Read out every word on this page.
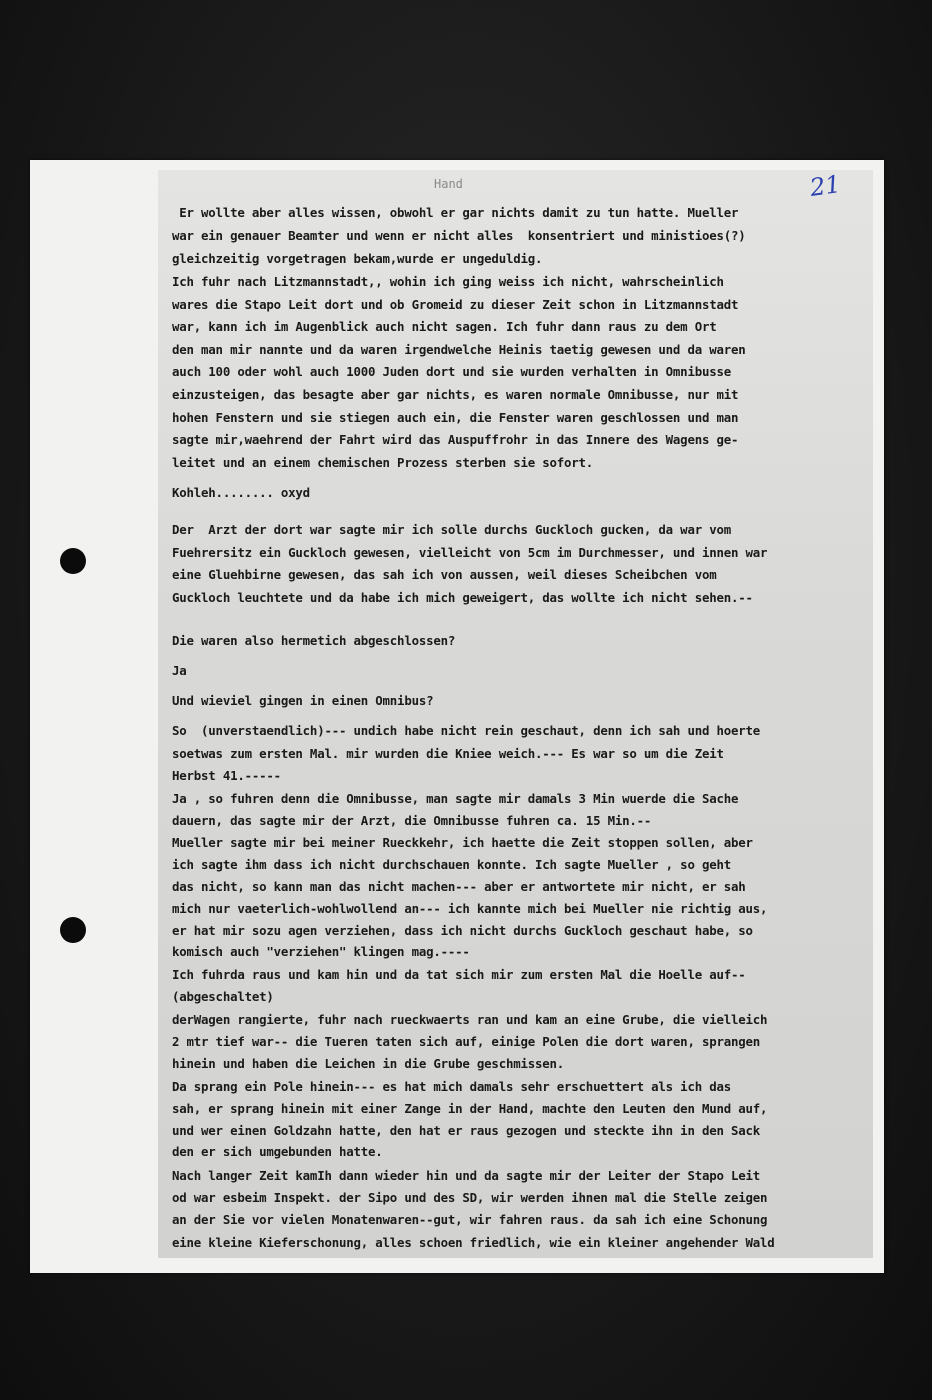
Hand	21
Er wollte aber alles wissen, obwohl er gar nichts damit zu tun hatte. Mueller
war ein genauer Beamter und wenn er nicht alles  konsentriert und ministioes(?)
gleichzeitig vorgetragen bekam,wurde er ungeduldig.
Ich fuhr nach Litzmannstadt,, wohin ich ging weiss ich nicht, wahrscheinlich
wares die Stapo Leit dort und ob Gromeid zu dieser Zeit schon in Litzmannstadt
war, kann ich im Augenblick auch nicht sagen. Ich fuhr dann raus zu dem Ort
den man mir nannte und da waren irgendwelche Heinis taetig gewesen und da waren
auch 100 oder wohl auch 1000 Juden dort und sie wurden verhalten in Omnibusse
einzusteigen, das besagte aber gar nichts, es waren normale Omnibusse, nur mit
hohen Fenstern und sie stiegen auch ein, die Fenster waren geschlossen und man
sagte mir,waehrend der Fahrt wird das Auspuffrohr in das Innere des Wagens ge-
leitet und an einem chemischen Prozess sterben sie sofort.
Kohleh........ oxyd
Der  Arzt der dort war sagte mir ich solle durchs Guckloch gucken, da war vom
Fuehrersitz ein Guckloch gewesen, vielleicht von 5cm im Durchmesser, und innen war
eine Gluehbirne gewesen, das sah ich von aussen, weil dieses Scheibchen vom
Guckloch leuchtete und da habe ich mich geweigert, das wollte ich nicht sehen.--
Die waren also hermetich abgeschlossen?
Ja
Und wieviel gingen in einen Omnibus?
So  (unverstaendlich)--- undich habe nicht rein geschaut, denn ich sah und hoerte
soetwas zum ersten Mal. mir wurden die Kniee weich.--- Es war so um die Zeit
Herbst 41.-----
Ja , so fuhren denn die Omnibusse, man sagte mir damals 3 Min wuerde die Sache
dauern, das sagte mir der Arzt, die Omnibusse fuhren ca. 15 Min.--
Mueller sagte mir bei meiner Rueckkehr, ich haette die Zeit stoppen sollen, aber
ich sagte ihm dass ich nicht durchschauen konnte. Ich sagte Mueller , so geht
das nicht, so kann man das nicht machen--- aber er antwortete mir nicht, er sah
mich nur vaeterlich-wohlwollend an--- ich kannte mich bei Mueller nie richtig aus,
er hat mir sozu agen verziehen, dass ich nicht durchs Guckloch geschaut habe, so
komisch auch "verziehen" klingen mag.----
Ich fuhrda raus und kam hin und da tat sich mir zum ersten Mal die Hoelle auf--
(abgeschaltet)
derWagen rangierte, fuhr nach rueckwaerts ran und kam an eine Grube, die vielleich
2 mtr tief war-- die Tueren taten sich auf, einige Polen die dort waren, sprangen
hinein und haben die Leichen in die Grube geschmissen.
Da sprang ein Pole hinein--- es hat mich damals sehr erschuettert als ich das
sah, er sprang hinein mit einer Zange in der Hand, machte den Leuten den Mund auf,
und wer einen Goldzahn hatte, den hat er raus gezogen und steckte ihn in den Sack
den er sich umgebunden hatte.
Nach langer Zeit kamIh dann wieder hin und da sagte mir der Leiter der Stapo Leit
od war esbeim Inspekt. der Sipo und des SD, wir werden ihnen mal die Stelle zeigen
an der Sie vor vielen Monatenwaren--gut, wir fahren raus. da sah ich eine Schonung
eine kleine Kieferschonung, alles schoen friedlich, wie ein kleiner angehender Wald
